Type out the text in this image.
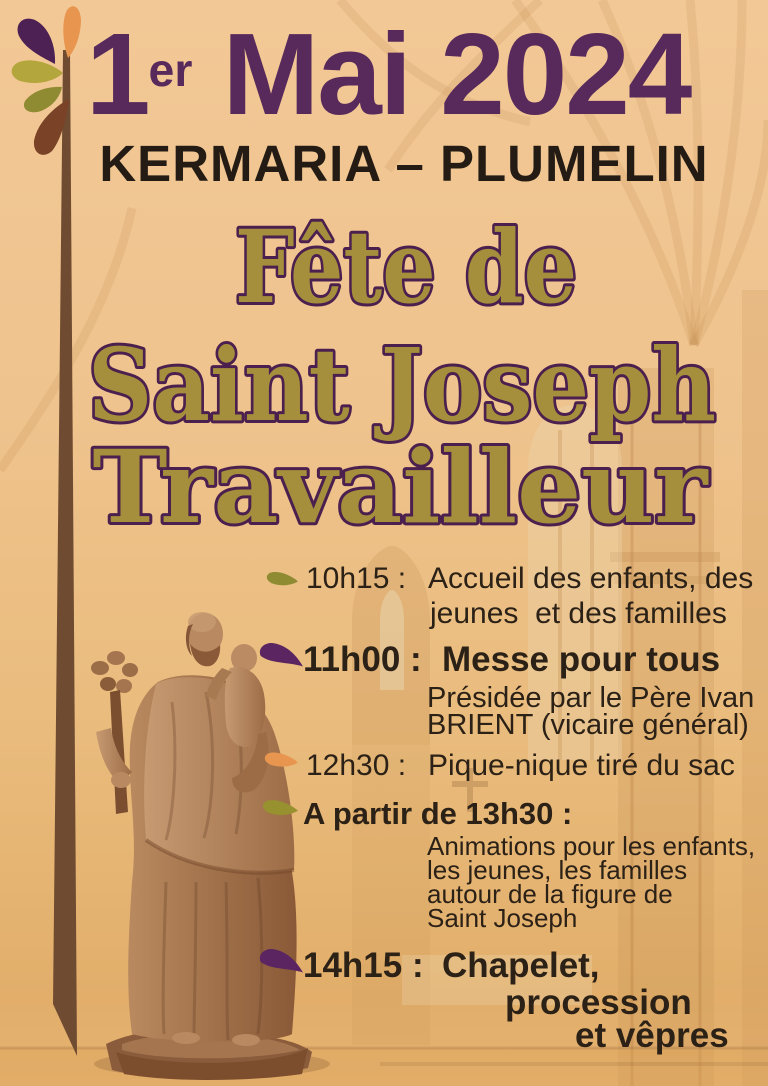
1er Mai 2024
KERMARIA – PLUMELIN
Fête de
Saint Joseph
Travailleur
10h15 : Accueil des enfants, des
jeunes  et des familles
11h00 : Messe pour tous
Présidée par le Père Ivan
BRIENT (vicaire général)
12h30 : Pique-nique tiré du sac
A partir de 13h30 :
Animations pour les enfants,
les jeunes, les familles
autour de la figure de
Saint Joseph
14h15 : Chapelet,
procession
et vêpres
